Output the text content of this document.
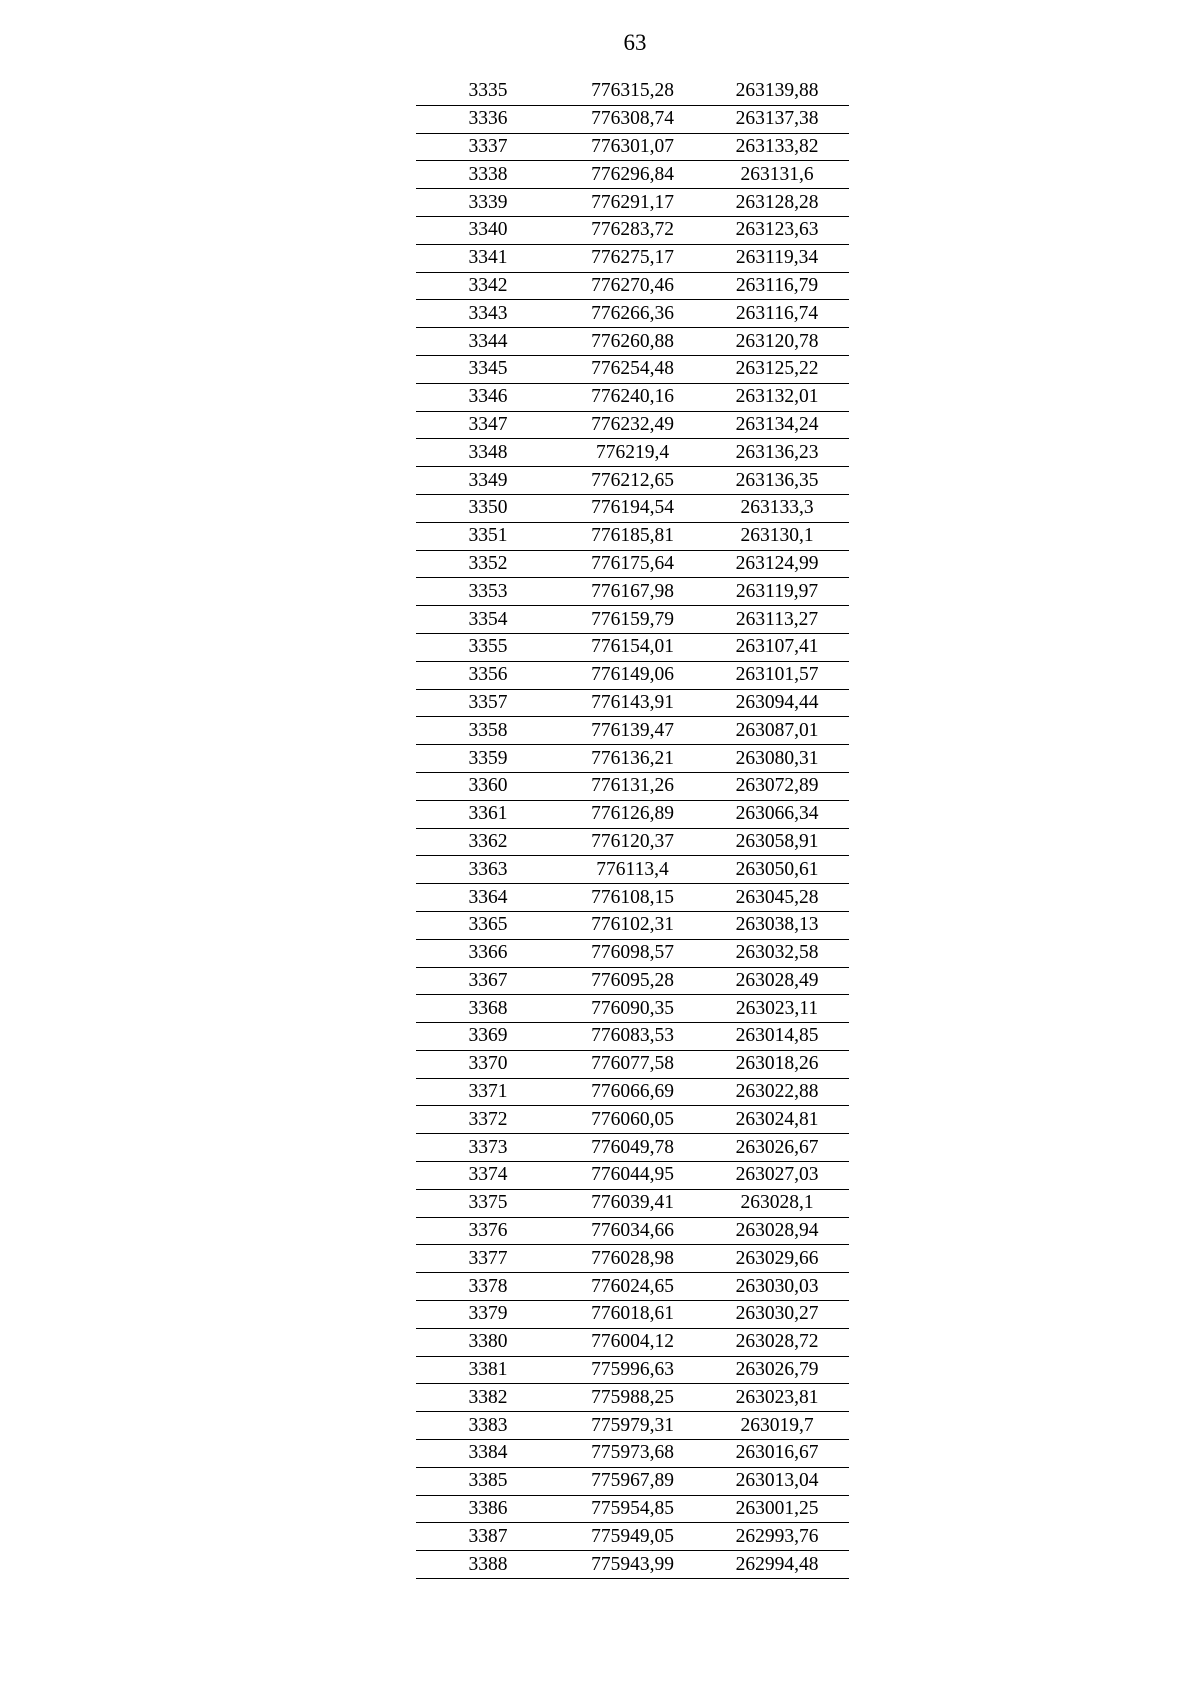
63
3335	776315,28	263139,88
3336	776308,74	263137,38
3337	776301,07	263133,82
3338	776296,84	263131,6
3339	776291,17	263128,28
3340	776283,72	263123,63
3341	776275,17	263119,34
3342	776270,46	263116,79
3343	776266,36	263116,74
3344	776260,88	263120,78
3345	776254,48	263125,22
3346	776240,16	263132,01
3347	776232,49	263134,24
3348	776219,4	263136,23
3349	776212,65	263136,35
3350	776194,54	263133,3
3351	776185,81	263130,1
3352	776175,64	263124,99
3353	776167,98	263119,97
3354	776159,79	263113,27
3355	776154,01	263107,41
3356	776149,06	263101,57
3357	776143,91	263094,44
3358	776139,47	263087,01
3359	776136,21	263080,31
3360	776131,26	263072,89
3361	776126,89	263066,34
3362	776120,37	263058,91
3363	776113,4	263050,61
3364	776108,15	263045,28
3365	776102,31	263038,13
3366	776098,57	263032,58
3367	776095,28	263028,49
3368	776090,35	263023,11
3369	776083,53	263014,85
3370	776077,58	263018,26
3371	776066,69	263022,88
3372	776060,05	263024,81
3373	776049,78	263026,67
3374	776044,95	263027,03
3375	776039,41	263028,1
3376	776034,66	263028,94
3377	776028,98	263029,66
3378	776024,65	263030,03
3379	776018,61	263030,27
3380	776004,12	263028,72
3381	775996,63	263026,79
3382	775988,25	263023,81
3383	775979,31	263019,7
3384	775973,68	263016,67
3385	775967,89	263013,04
3386	775954,85	263001,25
3387	775949,05	262993,76
3388	775943,99	262994,48
